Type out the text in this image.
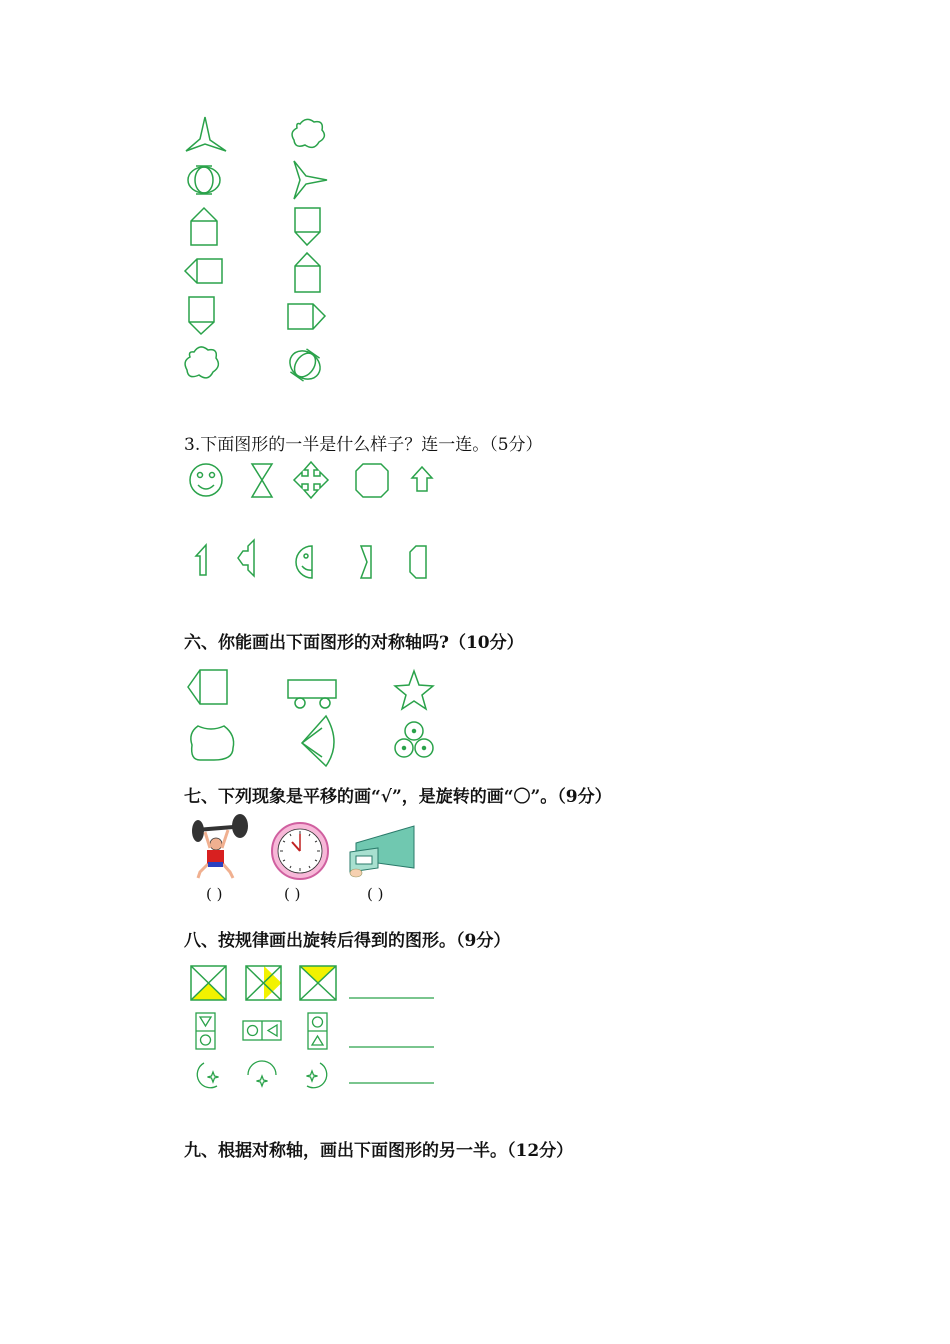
3.下面图形的一半是什么样子？连一连。（5分）
六、你能画出下面图形的对称轴吗?（10分）
七、下列现象是平移的画“√”，是旋转的画“〇”。（9分）
( )	( )	( )
八、按规律画出旋转后得到的图形。（9分）
九、根据对称轴，画出下面图形的另一半。（12分）
